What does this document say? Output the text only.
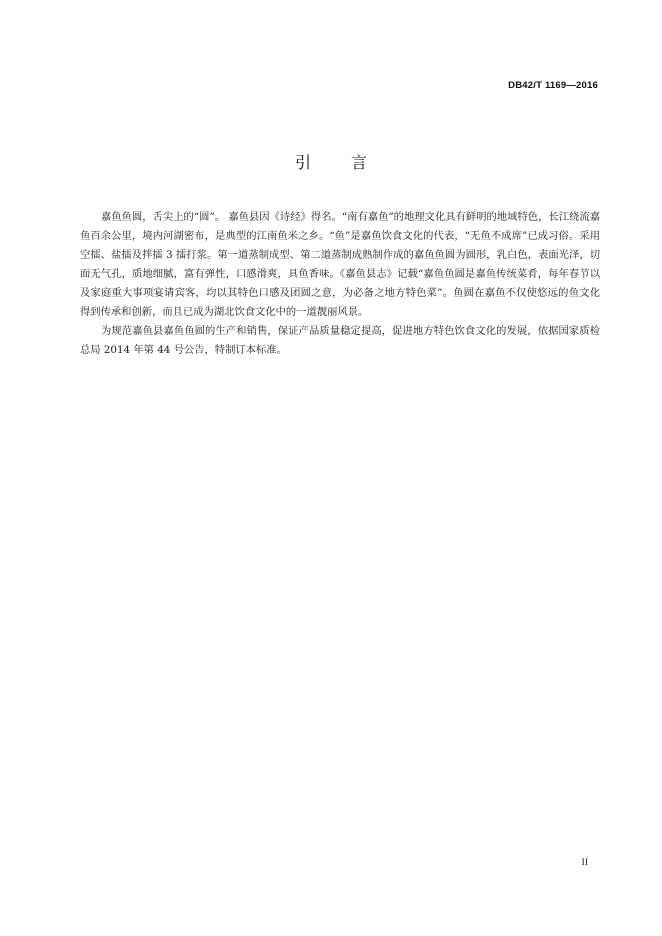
DB42/T 1169—2016
引	言

嘉鱼鱼圆，舌尖上的“圆”。 嘉鱼县因《诗经》得名。“南有嘉鱼”的地理文化具有鲜明的地域特色，长江绕流嘉鱼百余公里，境内河湖密布，是典型的江南鱼米之乡。“鱼”是嘉鱼饮食文化的代表，“无鱼不成席”已成习俗。采用空擂、盐擂及拌擂 3 擂打浆。第一道蒸制成型、第二道蒸制成熟制作成的嘉鱼鱼圆为圆形，乳白色，表面光泽，切面无气孔，质地细腻，富有弹性，口感滑爽，具鱼香味。《嘉鱼县志》记载“嘉鱼鱼圆是嘉鱼传统菜肴，每年春节以及家庭重大事项宴请宾客，均以其特色口感及团圆之意，为必备之地方特色菜”。鱼圆在嘉鱼不仅使悠远的鱼文化得到传承和创新，而且已成为湖北饮食文化中的一道靓丽风景。

为规范嘉鱼县嘉鱼鱼圆的生产和销售，保证产品质量稳定提高，促进地方特色饮食文化的发展，依据国家质检总局 2014 年第 44 号公告，特制订本标准。

II
